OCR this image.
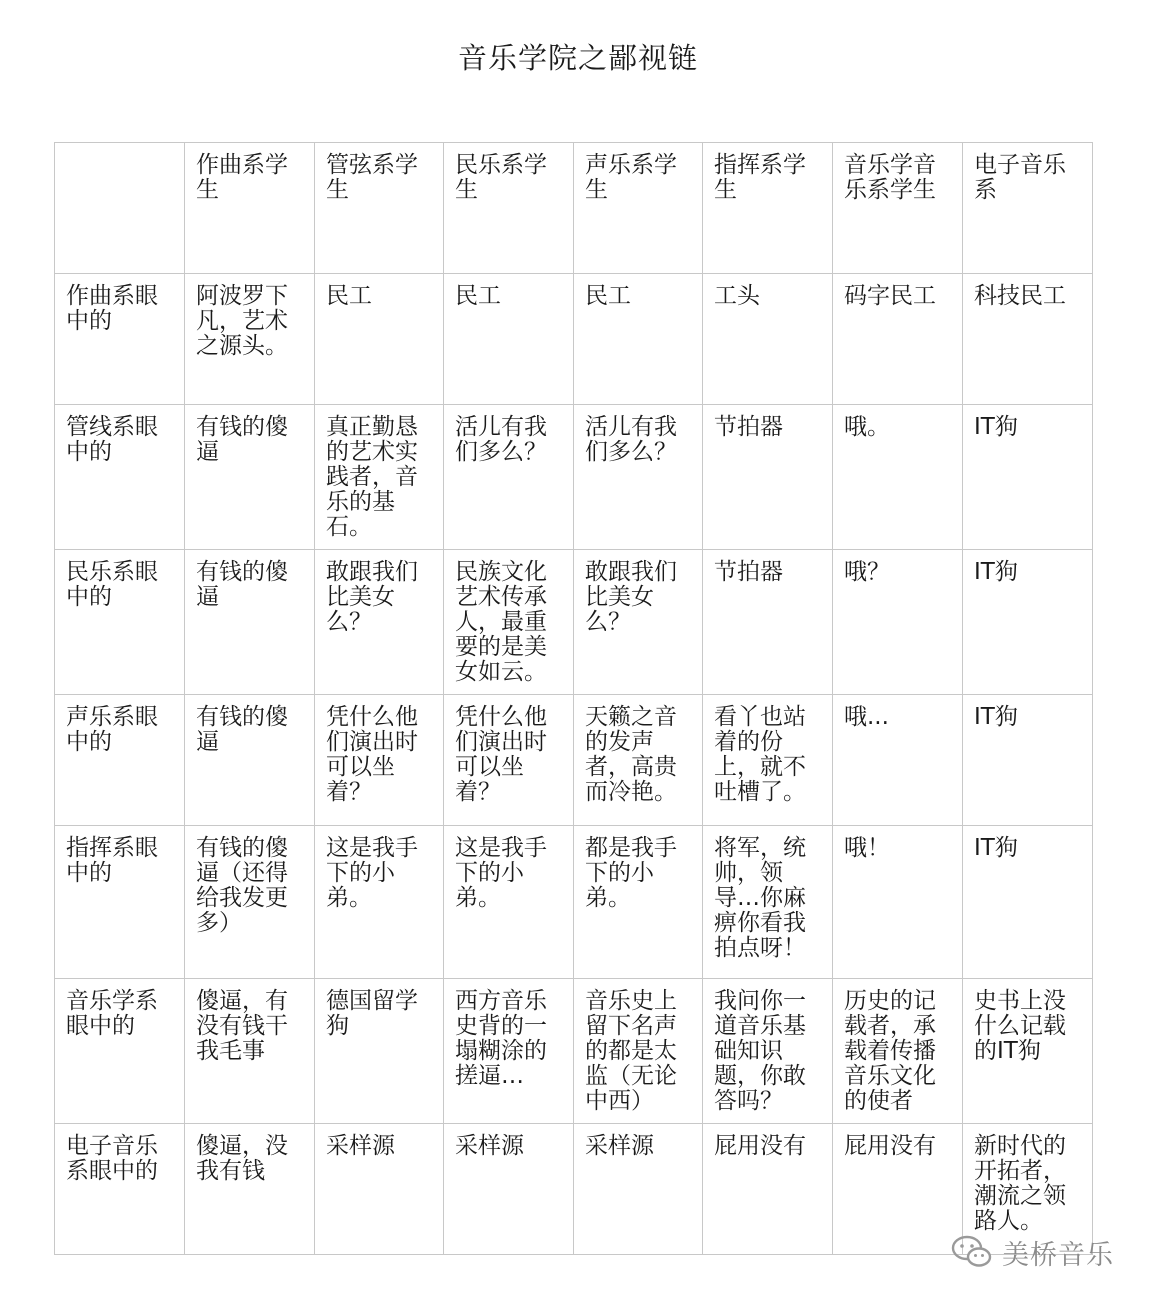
音乐学院之鄙视链
	作曲系学生	管弦系学生	民乐系学生	声乐系学生	指挥系学生	音乐学音乐系学生	电子音乐系
作曲系眼中的	阿波罗下凡，艺术之源头。	民工	民工	民工	工头	码字民工	科技民工
管线系眼中的	有钱的傻逼	真正勤恳的艺术实践者，音乐的基石。	活儿有我们多么？	活儿有我们多么？	节拍器	哦。	IT狗
民乐系眼中的	有钱的傻逼	敢跟我们比美女么？	民族文化艺术传承人，最重要的是美女如云。	敢跟我们比美女么？	节拍器	哦？	IT狗
声乐系眼中的	有钱的傻逼	凭什么他们演出时可以坐着？	凭什么他们演出时可以坐着？	天籁之音的发声者，高贵而冷艳。	看丫也站着的份上，就不吐槽了。	哦...	IT狗
指挥系眼中的	有钱的傻逼（还得给我发更多）	这是我手下的小弟。	这是我手下的小弟。	都是我手下的小弟。	将军，统帅，领导…你麻痹你看我拍点呀！	哦！	IT狗
音乐学系眼中的	傻逼，有没有钱干我毛事	德国留学狗	西方音乐史背的一塌糊涂的搓逼…	音乐史上留下名声的都是太监（无论中西）	我问你一道音乐基础知识题，你敢答吗？	历史的记载者，承载着传播音乐文化的使者	史书上没什么记载的IT狗
电子音乐系眼中的	傻逼，没我有钱	采样源	采样源	采样源	屁用没有	屁用没有	新时代的开拓者，潮流之领路人。
美桥音乐
